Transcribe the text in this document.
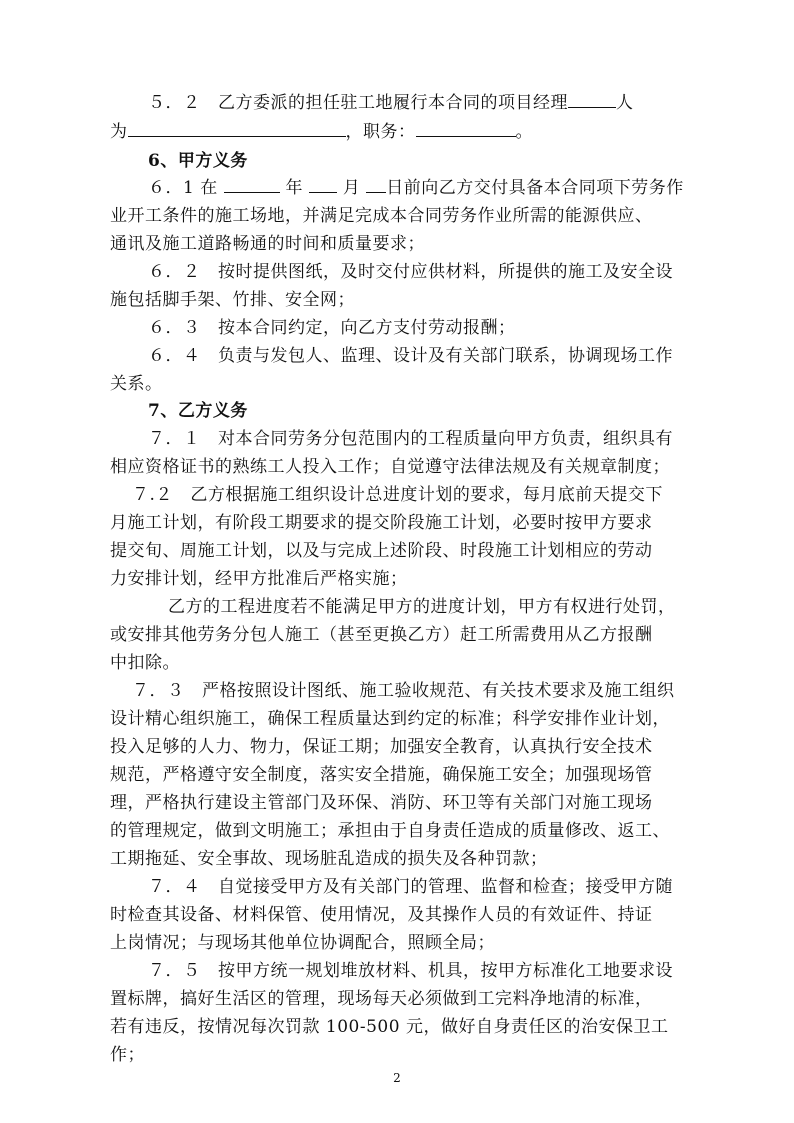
５．２　乙方委派的担任驻工地履行本合同的项目经理	人
为	，职务：	。
6、甲方义务
６．1 在	年 月 日前向乙方交付具备本合同项下劳务作
业开工条件的施工场地，并满足完成本合同劳务作业所需的能源供应、
通讯及施工道路畅通的时间和质量要求；
６．２　按时提供图纸，及时交付应供材料，所提供的施工及安全设
施包括脚手架、竹排、安全网；
６．３　按本合同约定，向乙方支付劳动报酬；
６．４　负责与发包人、监理、设计及有关部门联系，协调现场工作
关系。
7、乙方义务
７．１　对本合同劳务分包范围内的工程质量向甲方负责，组织具有
相应资格证书的熟练工人投入工作；自觉遵守法律法规及有关规章制度；
７.２　乙方根据施工组织设计总进度计划的要求，每月底前天提交下
月施工计划，有阶段工期要求的提交阶段施工计划，必要时按甲方要求
提交旬、周施工计划，以及与完成上述阶段、时段施工计划相应的劳动
力安排计划，经甲方批准后严格实施；
乙方的工程进度若不能满足甲方的进度计划，甲方有权进行处罚，
或安排其他劳务分包人施工（甚至更换乙方）赶工所需费用从乙方报酬
中扣除。
７．３　严格按照设计图纸、施工验收规范、有关技术要求及施工组织
设计精心组织施工，确保工程质量达到约定的标准；科学安排作业计划，
投入足够的人力、物力，保证工期；加强安全教育，认真执行安全技术
规范，严格遵守安全制度，落实安全措施，确保施工安全；加强现场管
理，严格执行建设主管部门及环保、消防、环卫等有关部门对施工现场
的管理规定，做到文明施工；承担由于自身责任造成的质量修改、返工、
工期拖延、安全事故、现场脏乱造成的损失及各种罚款；
７．４　自觉接受甲方及有关部门的管理、监督和检查；接受甲方随
时检查其设备、材料保管、使用情况，及其操作人员的有效证件、持证
上岗情况；与现场其他单位协调配合，照顾全局；
７．５　按甲方统一规划堆放材料、机具，按甲方标准化工地要求设
置标牌，搞好生活区的管理，现场每天必须做到工完料净地清的标准，
若有违反，按情况每次罚款 100-500 元，做好自身责任区的治安保卫工
作；
2
